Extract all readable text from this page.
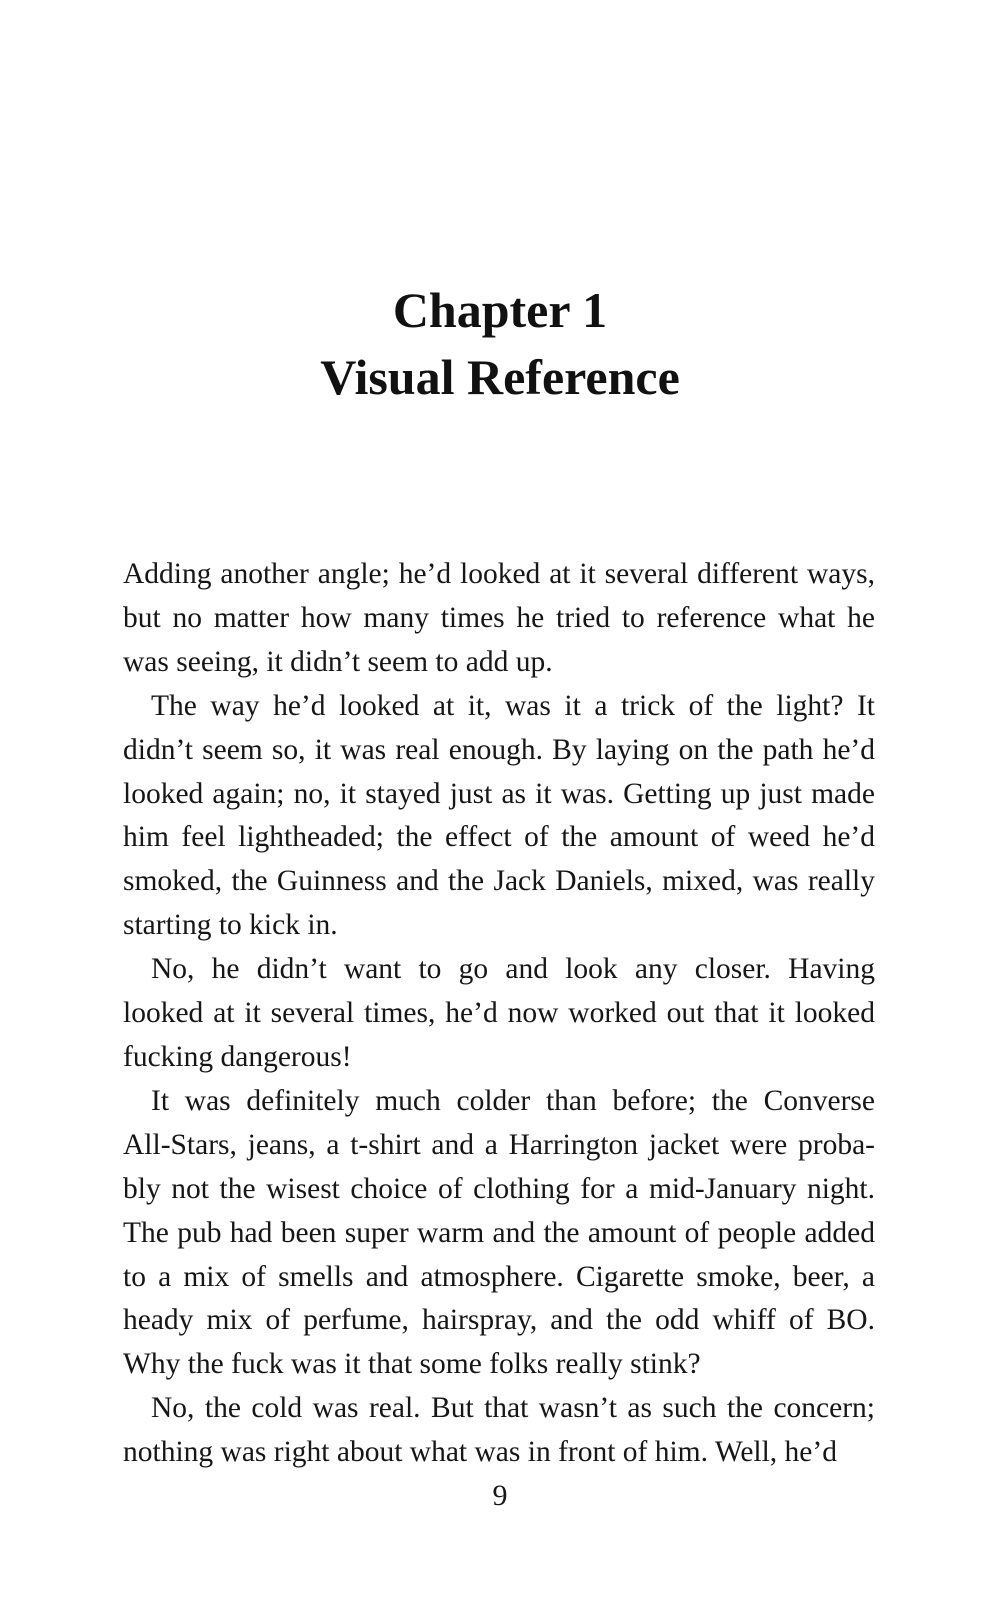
Chapter 1
Visual Reference

Adding another angle; he’d looked at it several different ways,
but no matter how many times he tried to reference what he
was seeing, it didn’t seem to add up.

The way he’d looked at it, was it a trick of the light? It
didn’t seem so, it was real enough. By laying on the path he’d
looked again; no, it stayed just as it was. Getting up just made
him feel lightheaded; the effect of the amount of weed he’d
smoked, the Guinness and the Jack Daniels, mixed, was really
starting to kick in.

No, he didn’t want to go and look any closer. Having
looked at it several times, he’d now worked out that it looked
fucking dangerous!

It was definitely much colder than before; the Converse
All-Stars, jeans, a t-shirt and a Harrington jacket were proba-
bly not the wisest choice of clothing for a mid-January night.
The pub had been super warm and the amount of people added
to a mix of smells and atmosphere. Cigarette smoke, beer, a
heady mix of perfume, hairspray, and the odd whiff of BO.
Why the fuck was it that some folks really stink?

No, the cold was real. But that wasn’t as such the concern;
nothing was right about what was in front of him. Well, he’d

9
